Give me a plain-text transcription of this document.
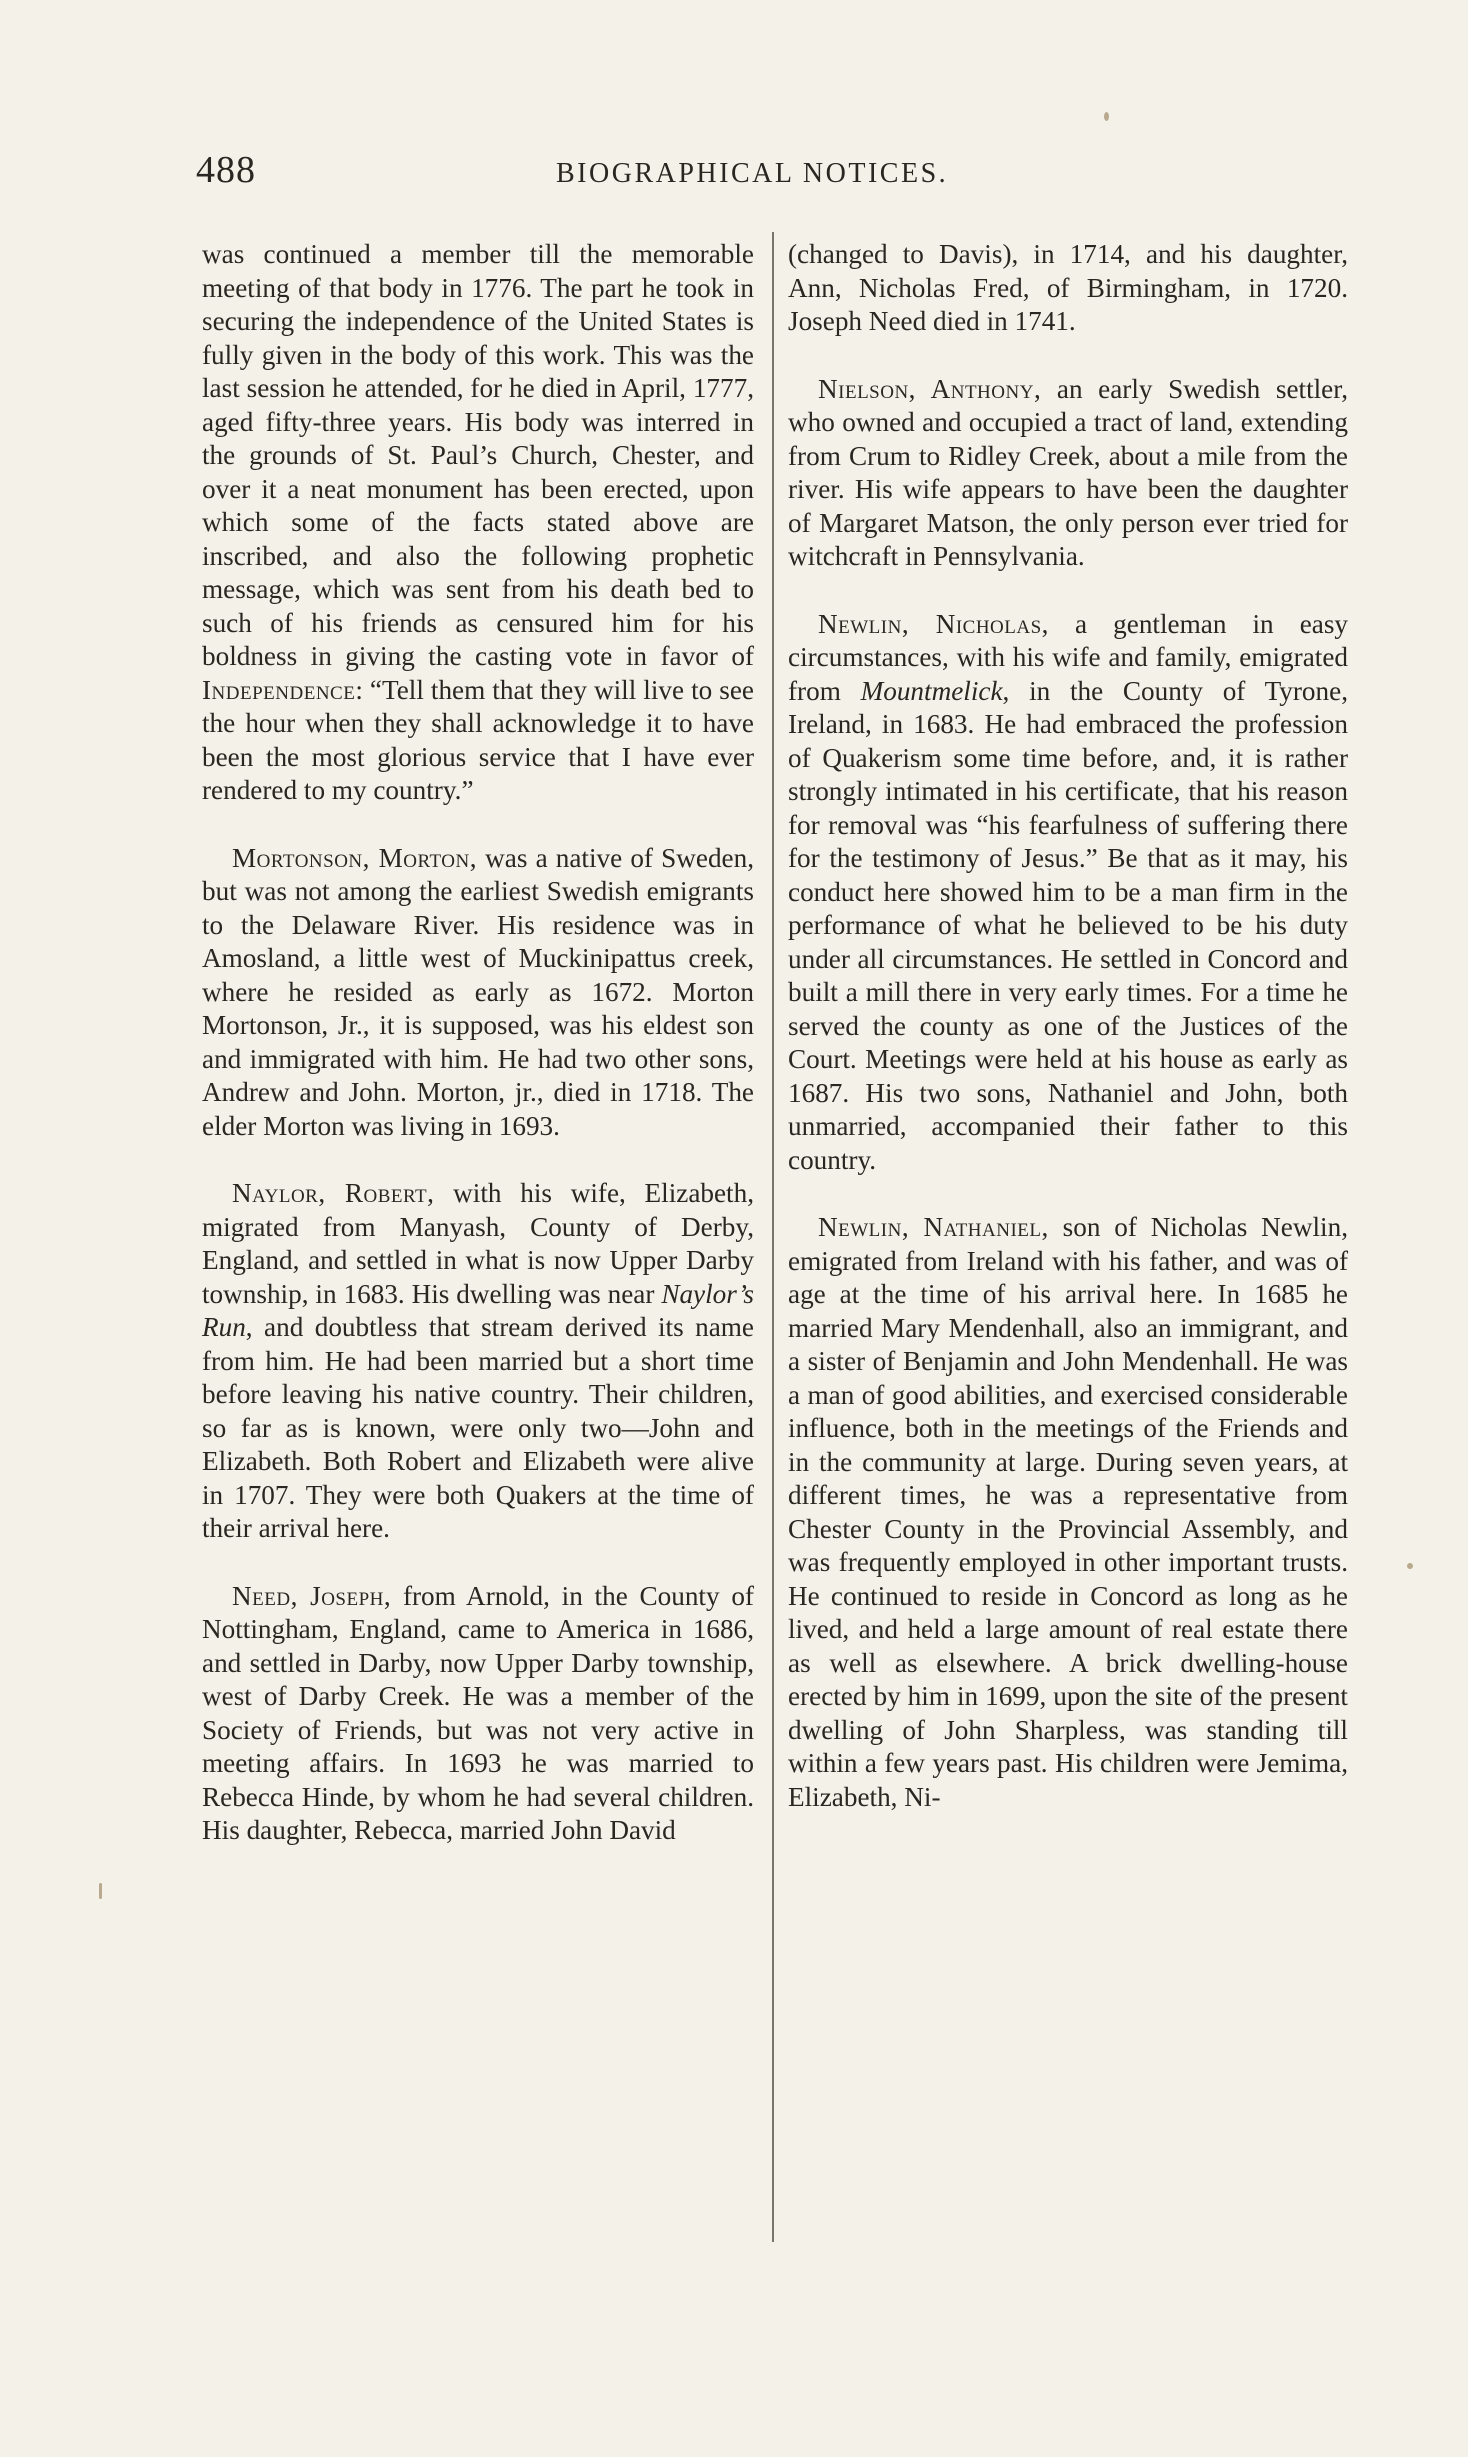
488	BIOGRAPHICAL NOTICES.

was continued a member till the memorable meeting of that body in 1776. The part he took in securing the independence of the United States is fully given in the body of this work. This was the last session he attended, for he died in April, 1777, aged fifty-three years. His body was interred in the grounds of St. Paul’s Church, Chester, and over it a neat monument has been erected, upon which some of the facts stated above are inscribed, and also the following prophetic message, which was sent from his death bed to such of his friends as censured him for his boldness in giving the casting vote in favor of Independence: “Tell them that they will live to see the hour when they shall acknowledge it to have been the most glorious service that I have ever rendered to my country.”

Mortonson, Morton, was a native of Sweden, but was not among the earliest Swedish emigrants to the Delaware River. His residence was in Amosland, a little west of Muckinipattus creek, where he resided as early as 1672. Morton Mortonson, Jr., it is supposed, was his eldest son and immigrated with him. He had two other sons, Andrew and John. Morton, jr., died in 1718. The elder Morton was living in 1693.

Naylor, Robert, with his wife, Elizabeth, migrated from Manyash, County of Derby, England, and settled in what is now Upper Darby township, in 1683. His dwelling was near Naylor’s Run, and doubtless that stream derived its name from him. He had been married but a short time before leaving his native country. Their children, so far as is known, were only two—John and Elizabeth. Both Robert and Elizabeth were alive in 1707. They were both Quakers at the time of their arrival here.

Need, Joseph, from Arnold, in the County of Nottingham, England, came to America in 1686, and settled in Darby, now Upper Darby township, west of Darby Creek. He was a member of the Society of Friends, but was not very active in meeting affairs. In 1693 he was married to Rebecca Hinde, by whom he had several children. His daughter, Rebecca, married John David

(changed to Davis), in 1714, and his daughter, Ann, Nicholas Fred, of Birmingham, in 1720. Joseph Need died in 1741.

Nielson, Anthony, an early Swedish settler, who owned and occupied a tract of land, extending from Crum to Ridley Creek, about a mile from the river. His wife appears to have been the daughter of Margaret Matson, the only person ever tried for witchcraft in Pennsylvania.

Newlin, Nicholas, a gentleman in easy circumstances, with his wife and family, emigrated from Mountmelick, in the County of Tyrone, Ireland, in 1683. He had embraced the profession of Quakerism some time before, and, it is rather strongly intimated in his certificate, that his reason for removal was “his fearfulness of suffering there for the testimony of Jesus.” Be that as it may, his conduct here showed him to be a man firm in the performance of what he believed to be his duty under all circumstances. He settled in Concord and built a mill there in very early times. For a time he served the county as one of the Justices of the Court. Meetings were held at his house as early as 1687. His two sons, Nathaniel and John, both unmarried, accompanied their father to this country.

Newlin, Nathaniel, son of Nicholas Newlin, emigrated from Ireland with his father, and was of age at the time of his arrival here. In 1685 he married Mary Mendenhall, also an immigrant, and a sister of Benjamin and John Mendenhall. He was a man of good abilities, and exercised considerable influence, both in the meetings of the Friends and in the community at large. During seven years, at different times, he was a representative from Chester County in the Provincial Assembly, and was frequently employed in other important trusts. He continued to reside in Concord as long as he lived, and held a large amount of real estate there as well as elsewhere. A brick dwelling-house erected by him in 1699, upon the site of the present dwelling of John Sharpless, was standing till within a few years past. His children were Jemima, Elizabeth, Ni-
